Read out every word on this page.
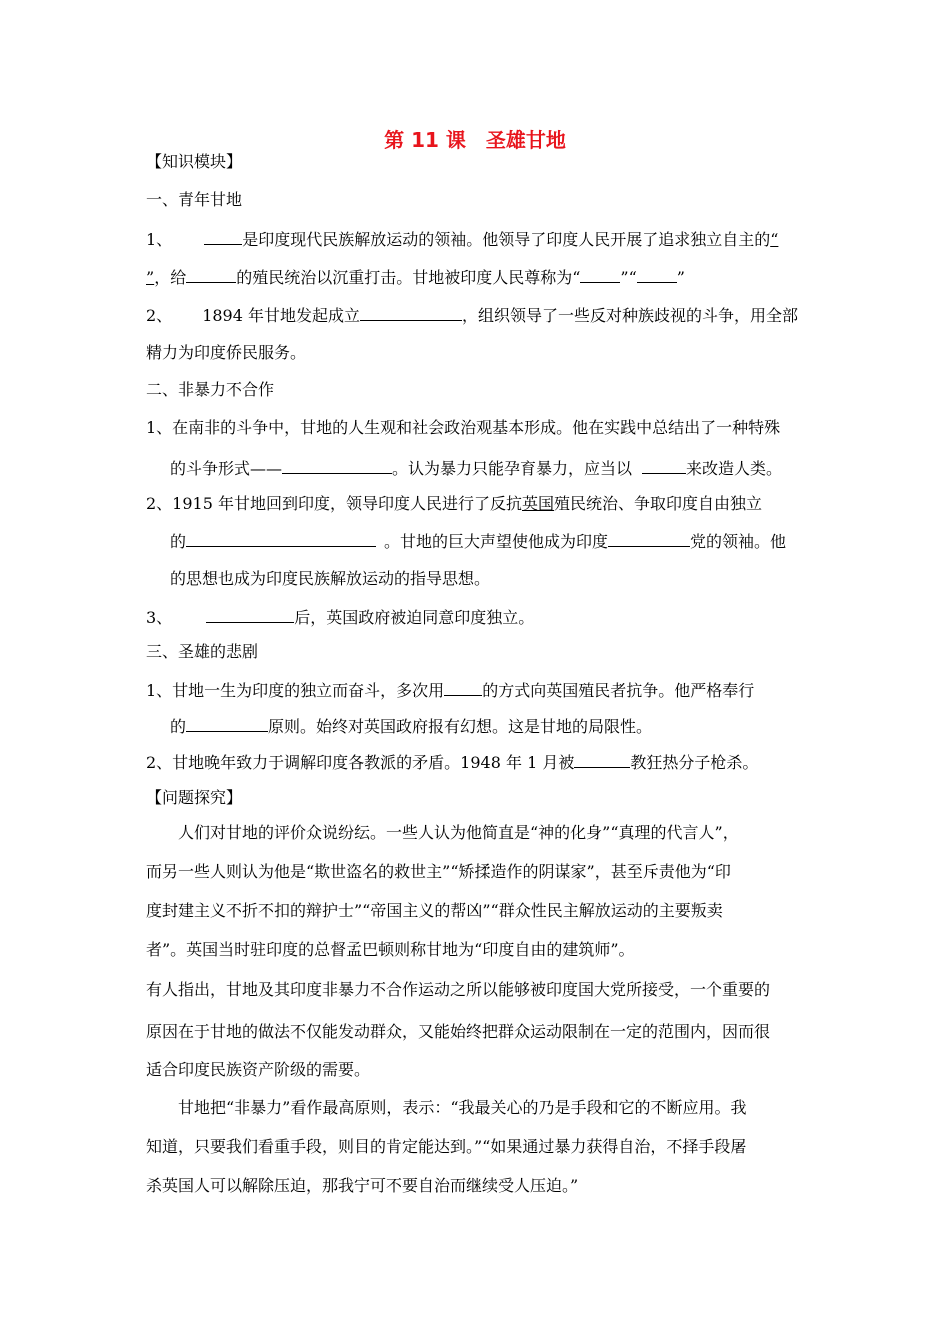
第 11 课　圣雄甘地
【知识模块】
一、青年甘地
1、	是印度现代民族解放运动的领袖。他领导了印度人民开展了追求独立自主的“
”，给	的殖民统治以沉重打击。甘地被印度人民尊称为“	”“	”
2、 1894 年甘地发起成立	，组织领导了一些反对种族歧视的斗争，用全部
精力为印度侨民服务。
二、非暴力不合作
1、在南非的斗争中，甘地的人生观和社会政治观基本形成。他在实践中总结出了一种特殊
的斗争形式——	。认为暴力只能孕育暴力，应当以	来改造人类。
2、1915 年甘地回到印度，领导印度人民进行了反抗英国殖民统治、争取印度自由独立
的	。甘地的巨大声望使他成为印度	党的领袖。他
的思想也成为印度民族解放运动的指导思想。
3、	后，英国政府被迫同意印度独立。
三、圣雄的悲剧
1、甘地一生为印度的独立而奋斗，多次用 的方式向英国殖民者抗争。他严格奉行
的	原则。始终对英国政府报有幻想。这是甘地的局限性。
2、甘地晚年致力于调解印度各教派的矛盾。1948 年 1 月被	教狂热分子枪杀。
【问题探究】
人们对甘地的评价众说纷纭。一些人认为他简直是“神的化身”“真理的代言人”，
而另一些人则认为他是“欺世盗名的救世主”“矫揉造作的阴谋家”，甚至斥责他为“印
度封建主义不折不扣的辩护士”“帝国主义的帮凶”“群众性民主解放运动的主要叛卖
者”。英国当时驻印度的总督孟巴顿则称甘地为“印度自由的建筑师”。
有人指出，甘地及其印度非暴力不合作运动之所以能够被印度国大党所接受，一个重要的
原因在于甘地的做法不仅能发动群众，又能始终把群众运动限制在一定的范围内，因而很
适合印度民族资产阶级的需要。
甘地把“非暴力”看作最高原则，表示：“我最关心的乃是手段和它的不断应用。我
知道，只要我们看重手段，则目的肯定能达到。”“如果通过暴力获得自治，不择手段屠
杀英国人可以解除压迫，那我宁可不要自治而继续受人压迫。”
